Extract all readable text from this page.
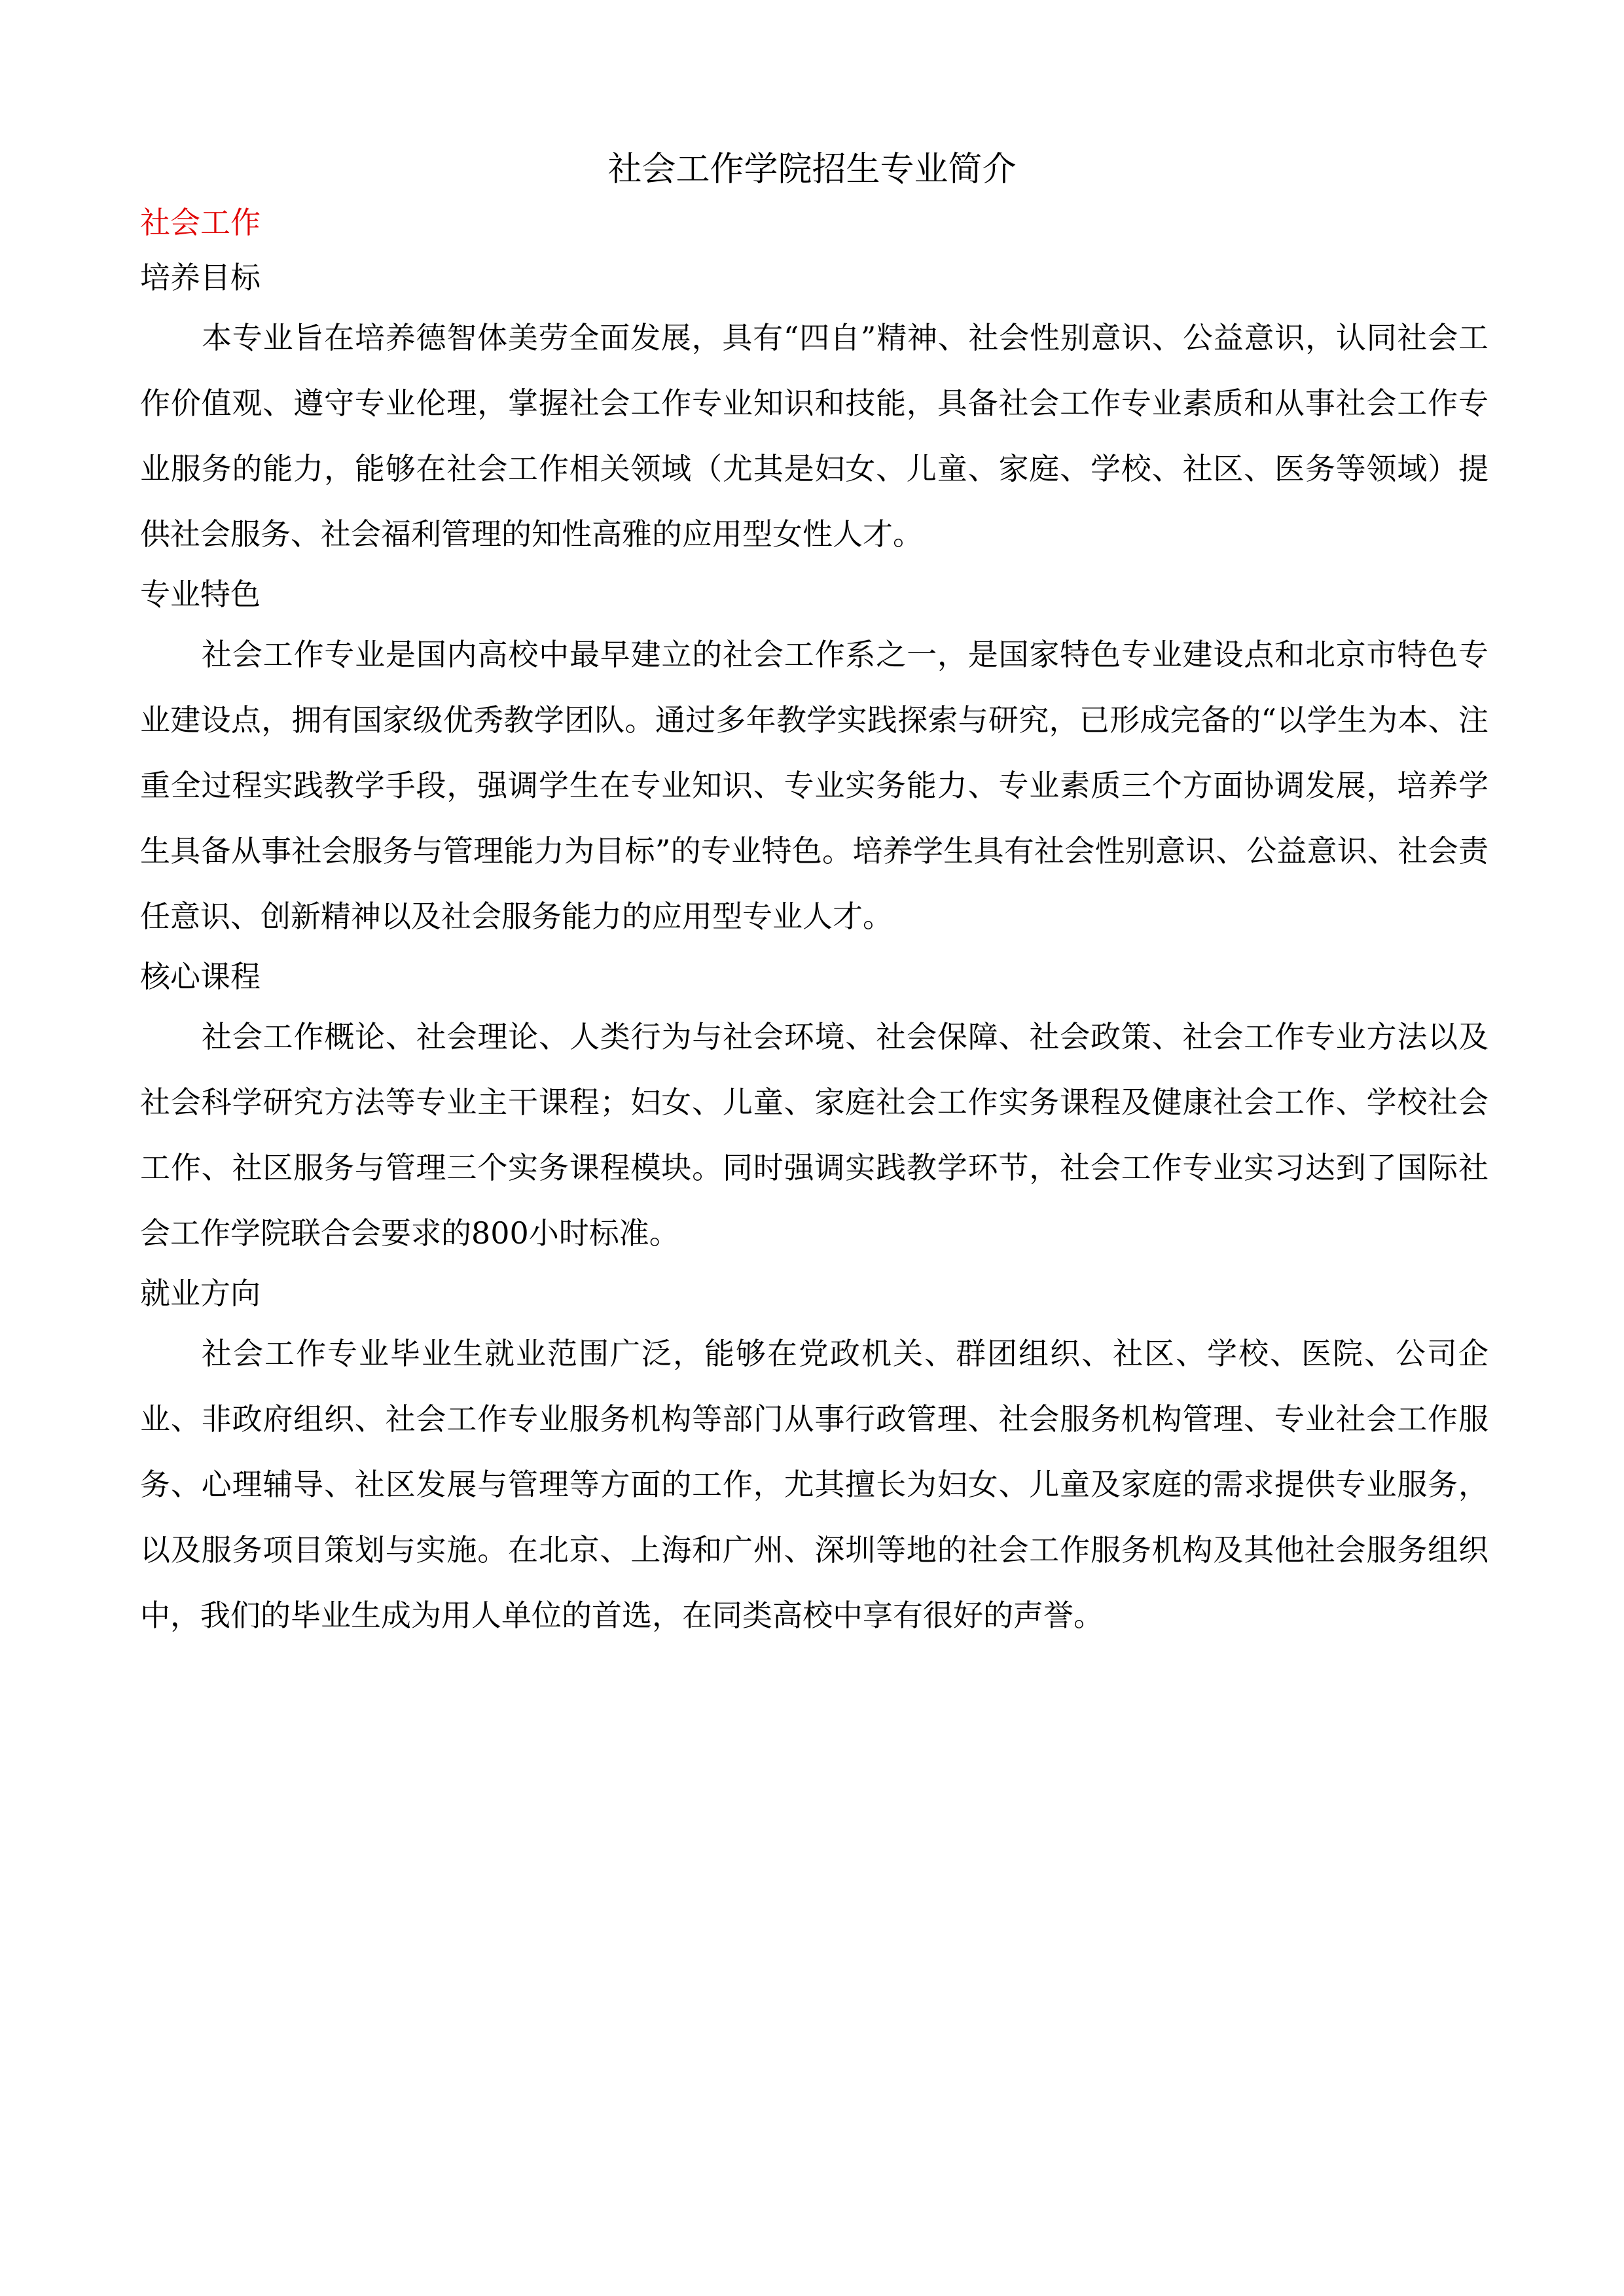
社会工作学院招生专业简介
社会工作
培养目标

本专业旨在培养德智体美劳全面发展，具有“四自”精神、社会性别意识、公益意识，认同社会工作价值观、遵守专业伦理，掌握社会工作专业知识和技能，具备社会工作专业素质和从事社会工作专业服务的能力，能够在社会工作相关领域（尤其是妇女、儿童、家庭、学校、社区、医务等领域）提供社会服务、社会福利管理的知性高雅的应用型女性人才。

专业特色

社会工作专业是国内高校中最早建立的社会工作系之一，是国家特色专业建设点和北京市特色专业建设点，拥有国家级优秀教学团队。通过多年教学实践探索与研究，已形成完备的“以学生为本、注重全过程实践教学手段，强调学生在专业知识、专业实务能力、专业素质三个方面协调发展，培养学生具备从事社会服务与管理能力为目标”的专业特色。培养学生具有社会性别意识、公益意识、社会责任意识、创新精神以及社会服务能力的应用型专业人才。

核心课程

社会工作概论、社会理论、人类行为与社会环境、社会保障、社会政策、社会工作专业方法以及社会科学研究方法等专业主干课程；妇女、儿童、家庭社会工作实务课程及健康社会工作、学校社会工作、社区服务与管理三个实务课程模块。同时强调实践教学环节，社会工作专业实习达到了国际社会工作学院联合会要求的800小时标准。

就业方向

社会工作专业毕业生就业范围广泛，能够在党政机关、群团组织、社区、学校、医院、公司企业、非政府组织、社会工作专业服务机构等部门从事行政管理、社会服务机构管理、专业社会工作服务、心理辅导、社区发展与管理等方面的工作，尤其擅长为妇女、儿童及家庭的需求提供专业服务，以及服务项目策划与实施。在北京、上海和广州、深圳等地的社会工作服务机构及其他社会服务组织中，我们的毕业生成为用人单位的首选，在同类高校中享有很好的声誉。
